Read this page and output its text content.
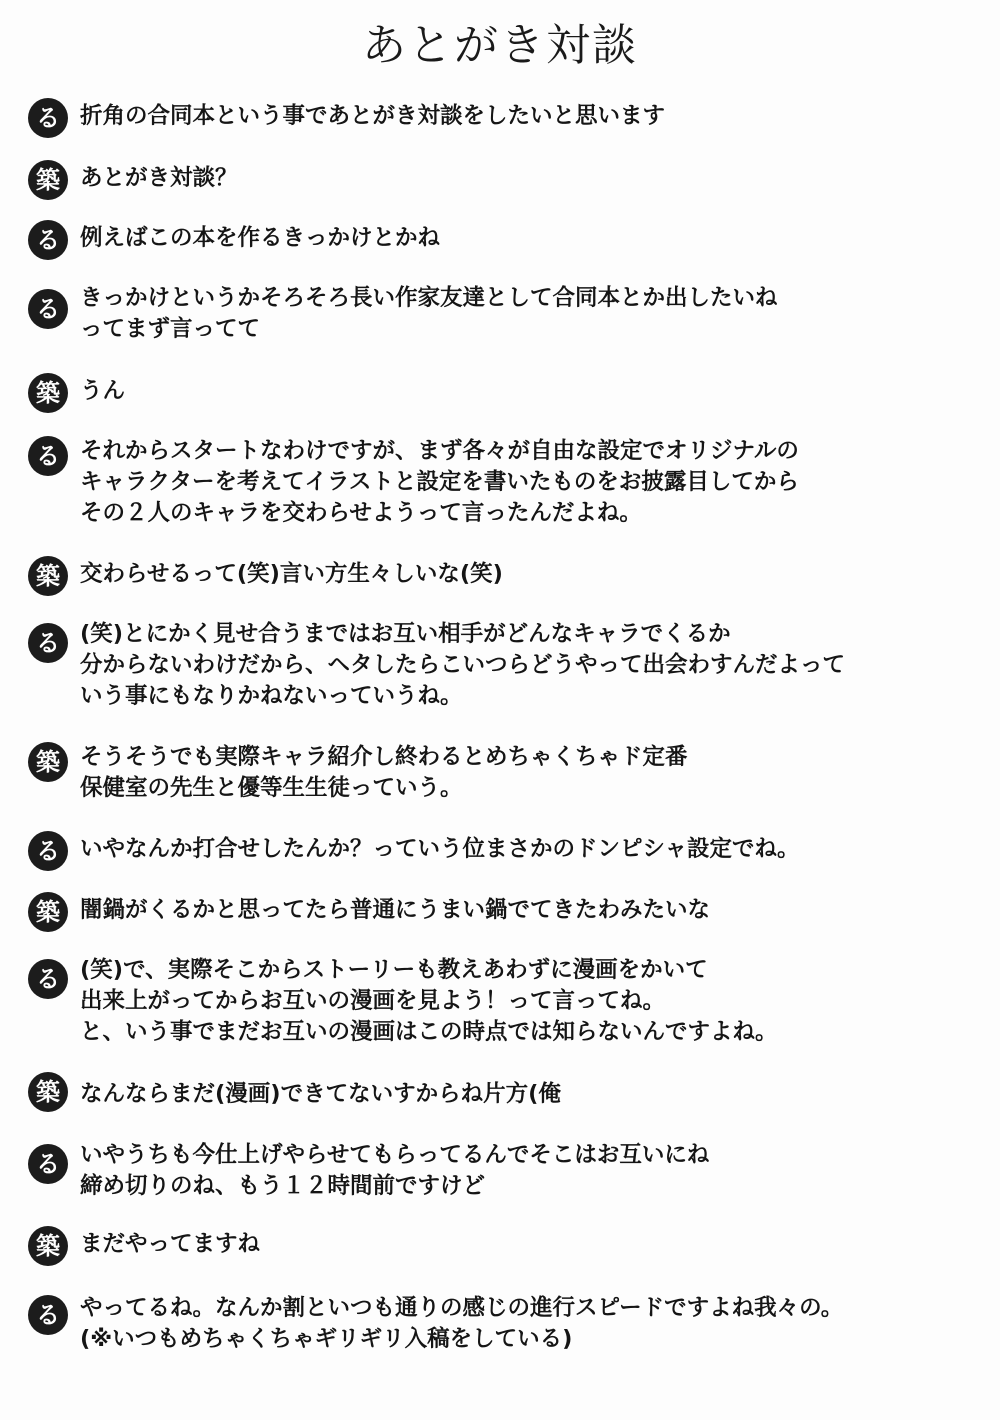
あとがき対談
る 折角の合同本という事であとがき対談をしたいと思います
築 あとがき対談？
る 例えばこの本を作るきっかけとかね
る きっかけというかそろそろ長い作家友達として合同本とか出したいね
ってまず言ってて
築 うん
る それからスタートなわけですが、まず各々が自由な設定でオリジナルの
キャラクターを考えてイラストと設定を書いたものをお披露目してから
その２人のキャラを交わらせようって言ったんだよね。
築 交わらせるって(笑)言い方生々しいな(笑)
る (笑)とにかく見せ合うまではお互い相手がどんなキャラでくるか
分からないわけだから、ヘタしたらこいつらどうやって出会わすんだよって
いう事にもなりかねないっていうね。
築 そうそうでも実際キャラ紹介し終わるとめちゃくちゃド定番
保健室の先生と優等生生徒っていう。
る いやなんか打合せしたんか？っていう位まさかのドンピシャ設定でね。
築 闇鍋がくるかと思ってたら普通にうまい鍋でてきたわみたいな
る (笑)で、実際そこからストーリーも教えあわずに漫画をかいて
出来上がってからお互いの漫画を見よう！って言ってね。
と、いう事でまだお互いの漫画はこの時点では知らないんですよね。
築 なんならまだ(漫画)できてないすからね片方(俺
る いやうちも今仕上げやらせてもらってるんでそこはお互いにね
締め切りのね、もう１２時間前ですけど
築 まだやってますね
る やってるね。なんか割といつも通りの感じの進行スピードですよね我々の。
(※いつもめちゃくちゃギリギリ入稿をしている)
